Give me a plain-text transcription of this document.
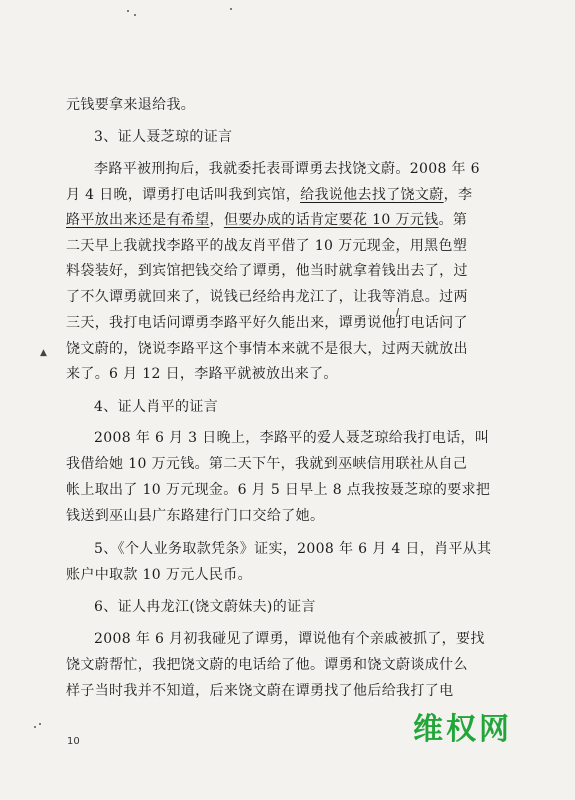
元钱要拿来退给我。
3、证人聂芝琼的证言
李路平被刑拘后，我就委托表哥谭勇去找饶文蔚。2008 年 6
月 4 日晚，谭勇打电话叫我到宾馆，给我说他去找了饶文蔚，李
路平放出来还是有希望，但要办成的话肯定要花 10 万元钱。第
二天早上我就找李路平的战友肖平借了 10 万元现金，用黑色塑
料袋装好，到宾馆把钱交给了谭勇，他当时就拿着钱出去了，过
了不久谭勇就回来了，说钱已经给冉龙江了，让我等消息。过两
三天，我打电话问谭勇李路平好久能出来，谭勇说他打电话问了
饶文蔚的，饶说李路平这个事情本来就不是很大，过两天就放出
来了。6 月 12 日，李路平就被放出来了。
4、证人肖平的证言
2008 年 6 月 3 日晚上，李路平的爱人聂芝琼给我打电话，叫
我借给她 10 万元钱。第二天下午，我就到巫峡信用联社从自己
帐上取出了 10 万元现金。6 月 5 日早上 8 点我按聂芝琼的要求把
钱送到巫山县广东路建行门口交给了她。
5、《个人业务取款凭条》证实，2008 年 6 月 4 日，肖平从其
账户中取款 10 万元人民币。
6、证人冉龙江(饶文蔚妹夫)的证言
2008 年 6 月初我碰见了谭勇，谭说他有个亲戚被抓了，要找
饶文蔚帮忙，我把饶文蔚的电话给了他。谭勇和饶文蔚谈成什么
样子当时我并不知道，后来饶文蔚在谭勇找了他后给我打了电
▲
10	维权网
